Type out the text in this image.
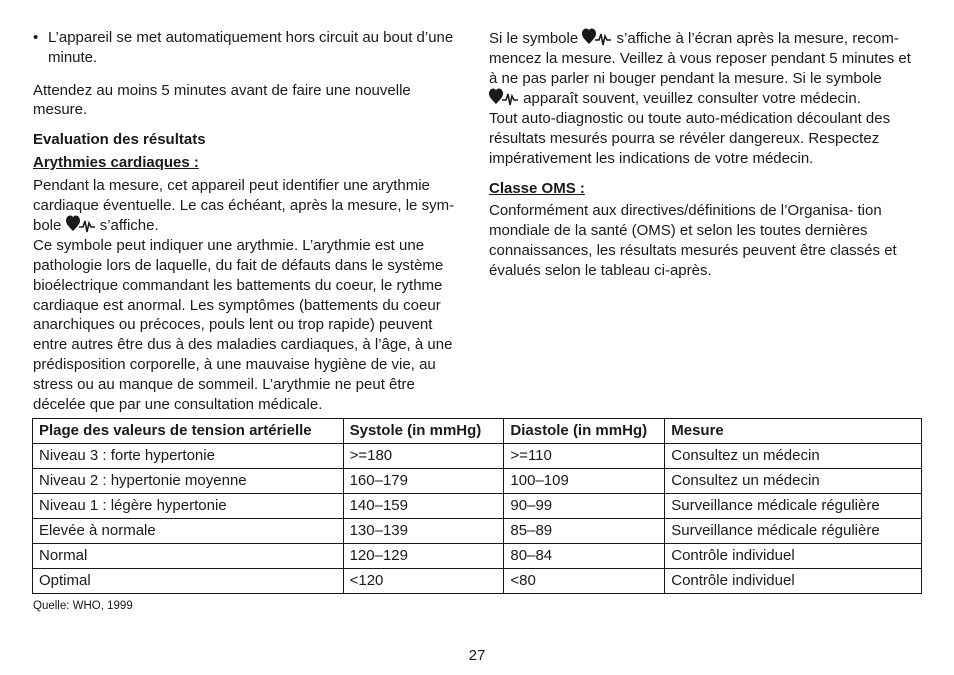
• L’appareil se met automatiquement hors circuit au bout d’une minute.

Attendez au moins 5 minutes avant de faire une nouvelle mesure.

Evaluation des résultats

Arythmies cardiaques :

Pendant la mesure, cet appareil peut identifier une arythmie cardiaque éventuelle. Le cas échéant, après la mesure, le sym- bole	s’affiche.

Ce symbole peut indiquer une arythmie. L’arythmie est une pathologie lors de laquelle, du fait de défauts dans le système bioélectrique commandant les battements du coeur, le rythme cardiaque est anormal. Les symptômes (battements du coeur anarchiques ou précoces, pouls lent ou trop rapide) peuvent entre autres être dus à des maladies cardiaques, à l’âge, à une prédisposition corporelle, à une mauvaise hygiène de vie, au stress ou au manque de sommeil. L’arythmie ne peut être décelée que par une consultation médicale.

Si le symbole	s’affiche à l’écran après la mesure, recom- mencez la mesure. Veillez à vous reposer pendant 5 minutes et à ne pas parler ni bouger pendant la mesure. Si le symbole  apparaît souvent, veuillez consulter votre médecin.

Tout auto-diagnostic ou toute auto-médication découlant des résultats mesurés pourra se révéler dangereux. Respectez impérativement les indications de votre médecin.

Classe OMS :

Conformément aux directives/définitions de l’Organisa- tion mondiale de la santé (OMS) et selon les toutes dernières connaissances, les résultats mesurés peuvent être classés et évalués selon le tableau ci-après.

Plage des valeurs de tension artérielle	Systole (in mmHg)	Diastole (in mmHg)	Mesure
Niveau 3 : forte hypertonie	>=180	>=110	Consultez un médecin
Niveau 2 : hypertonie moyenne	160–179	100–109	Consultez un médecin
Niveau 1 : légère hypertonie	140–159	90–99	Surveillance médicale régulière
Elevée à normale	130–139	85–89	Surveillance médicale régulière
Normal	120–129	80–84	Contrôle individuel
Optimal	<120	<80	Contrôle individuel
Quelle: WHO, 1999
27
